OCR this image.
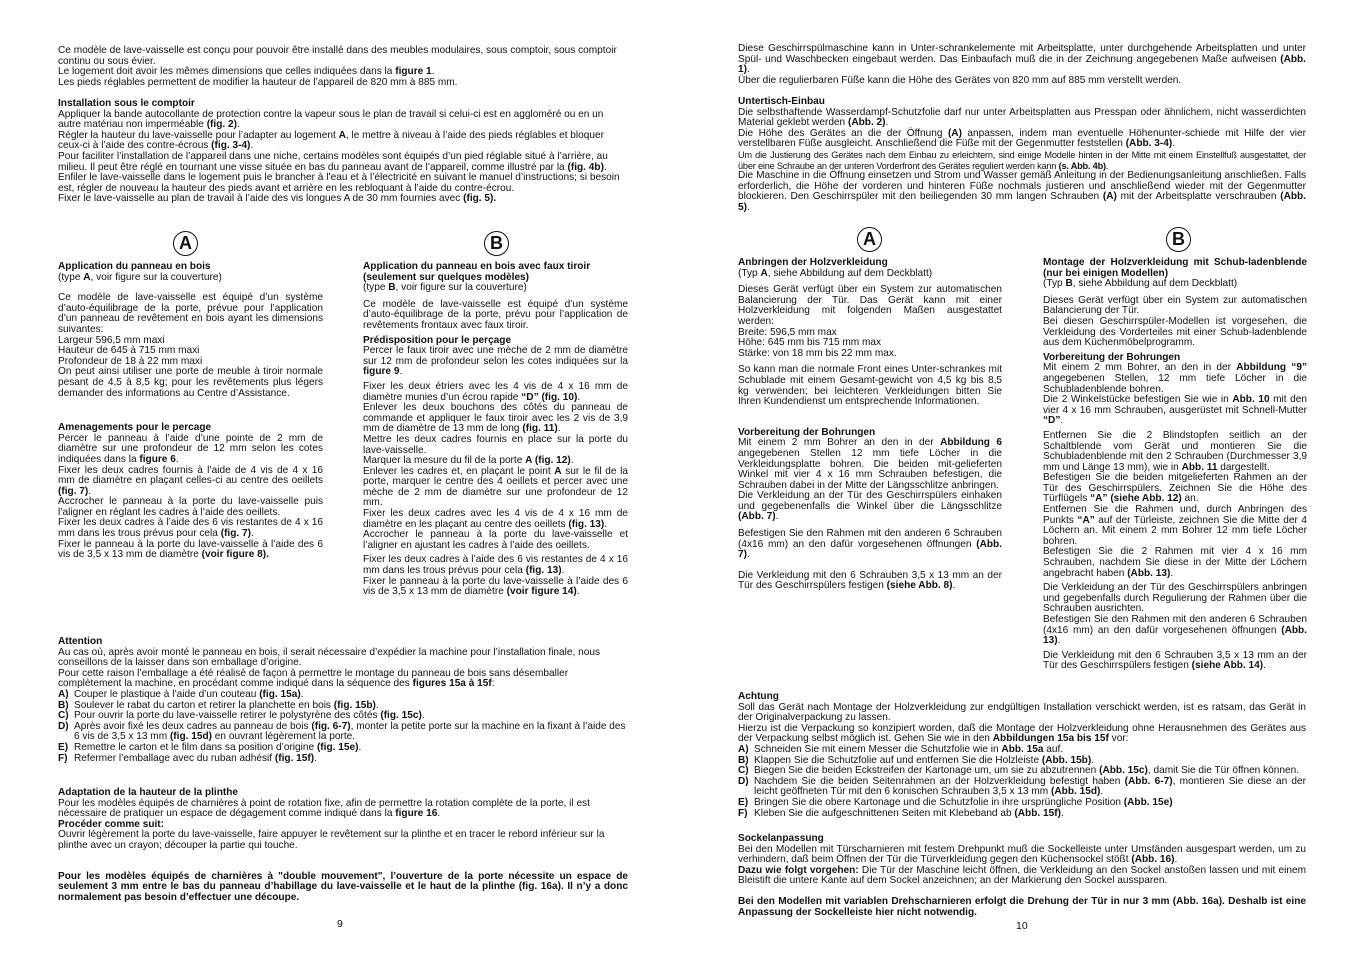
Ce modèle de lave-vaisselle est conçu pour pouvoir être installé dans des meubles modulaires, sous comptoir, sous comptoir continu ou sous évier.

Le logement doit avoir les mêmes dimensions que celles indiquées dans la figure 1.

Les pieds réglables permettent de modifier la hauteur de l’appareil de 820 mm à 885 mm.

Installation sous le comptoir

Appliquer la bande autocollante de protection contre la vapeur sous le plan de travail si celui-ci est en aggloméré ou en un autre matériau non imperméable (fig. 2).

Régler la hauteur du lave-vaisselle pour l’adapter au logement A, le mettre à niveau à l’aide des pieds réglables et bloquer ceux-ci à l’aide des contre-écrous (fig. 3-4).

Pour faciliter l’installation de l’appareil dans une niche, certains modèles sont équipés d’un pied réglable situé à l’arrière, au milieu. Il peut être réglé en tournant une visse située en bas du panneau avant de l’appareil, comme illustré par la (fig. 4b).

Enfiler le lave-vaisselle dans le logement puis le brancher à l’eau et à l’électricité en suivant le manuel d’instructions; si besoin est, régler de nouveau la hauteur des pieds avant et arrière en les rebloquant à l’aide du contre-écrou.

Fixer le lave-vaisselle au plan de travail à l’aide des vis longues A de 30 mm fournies avec (fig. 5).

A	B

Application du panneau en bois

(type A, voir figure sur la couverture)

Ce modèle de lave-vaisselle est équipé d’un système d’auto-équilibrage de la porte, prévue pour l’application d’un panneau de revêtement en bois ayant les dimensions suivantes:

Largeur 596,5 mm maxi

Hauteur de 645 à 715 mm maxi

Profondeur de 18 à 22 mm maxi

On peut ainsi utiliser une porte de meuble à tiroir normale pesant de 4,5 à 8,5 kg; pour les revêtements plus légers demander des informations au Centre d’Assistance.

Amenagements pour le percage

Percer le panneau à l’aide d’une pointe de 2 mm de diamètre sur une profondeur de 12 mm selon les cotes indiquées dans la figure 6.

Fixer les deux cadres fournis à l’aide de 4 vis de 4 x 16 mm de diamètre en plaçant celles-ci au centre des oeillets (fig. 7).

Accrocher le panneau à la porte du lave-vaisselle puis l’aligner en réglant les cadres à l’aide des oeillets.

Fixer les deux cadres à l’aide des 6 vis restantes de 4 x 16 mm dans les trous prévus pour cela (fig. 7).

Fixer le panneau à la porte du lave-vaisselle à l’aide des 6 vis de 3,5 x 13 mm de diamètre (voir figure 8).

Application du panneau en bois avec faux tiroir (seulement sur quelques modèles)

(type B, voir figure sur la couverture)

Ce modèle de lave-vaisselle est équipé d’un système d’auto-équilibrage de la porte, prévu pour l’application de revêtements frontaux avec faux tiroir.

Prédisposition pour le perçage

Percer le faux tiroir avec une mèche de 2 mm de diamètre sur 12 mm de profondeur selon les cotes indiquées sur la figure 9.

Fixer les deux étriers avec les 4 vis de 4 x 16 mm de diamètre munies d’un écrou rapide “D” (fig. 10).

Enlever les deux bouchons des côtés du panneau de commande et appliquer le faux tiroir avec les 2 vis de 3,9 mm de diamètre de 13 mm de long (fig. 11).

Mettre les deux cadres fournis en place sur la porte du lave-vaisselle.

Marquer la mesure du fil de la porte A (fig. 12).

Enlever les cadres et, en plaçant le point A sur le fil de la porte, marquer le centre des 4 oeillets et percer avec une mèche de 2 mm de diamètre sur une profondeur de 12 mm.

Fixer les deux cadres avec les 4 vis de 4 x 16 mm de diamètre en les plaçant au centre des oeillets (fig. 13).

Accrocher le panneau à la porte du lave-vaisselle et l’aligner en ajustant les cadres à l’aide des oeillets.

Fixer les deux cadres à l’aide des 6 vis restantes de 4 x 16 mm dans les trous prévus pour cela (fig. 13).

Fixer le panneau à la porte du lave-vaisselle à l’aide des 6 vis de 3,5 x 13 mm de diamètre (voir figure 14).

Attention

Au cas où, après avoir monté le panneau en bois, il serait nécessaire d’expédier la machine pour l’installation finale, nous conseillons de la laisser dans son emballage d’origine.

Pour cette raison l’emballage a été réalisé de façon à permettre le montage du panneau de bois sans désemballer complètement la machine, en procédant comme indiqué dans la séquence des figures 15a à 15f:

A) Couper le plastique à l’aide d’un couteau (fig. 15a).
B) Soulever le rabat du carton et retirer la planchette en bois (fig. 15b).
C) Pour ouvrir la porte du lave-vaisselle retirer le polystyrène des côtés (fig. 15c).
D) Après avoir fixé les deux cadres au panneau de bois (fig. 6-7), monter la petite porte sur la machine en la fixant à l’aide des 6 vis de 3,5 x 13 mm (fig. 15d) en ouvrant légèrement la porte.
E) Remettre le carton et le film dans sa position d’origine (fig. 15e).
F) Refermer l’emballage avec du ruban adhésif (fig. 15f).

Adaptation de la hauteur de la plinthe

Pour les modèles équipés de charnières à point de rotation fixe, afin de permettre la rotation complète de la porte, il est nécessaire de pratiquer un espace de dégagement comme indiqué dans la figure 16.

Procéder comme suit:

Ouvrir légèrement la porte du lave-vaisselle, faire appuyer le revêtement sur la plinthe et en tracer le rebord inférieur sur la plinthe avec un crayon; découper la partie qui touche.

Pour les modèles équipés de charnières à "double mouvement", l’ouverture de la porte nécessite un espace de seulement 3 mm entre le bas du panneau d’habillage du lave-vaisselle et le haut de la plinthe (fig. 16a). Il n’y a donc normalement pas besoin d’effectuer une découpe.

9

Diese Geschirrspülmaschine kann in Unter-schrankelemente mit Arbeitsplatte, unter durchgehende Arbeitsplatten und unter Spül- und Waschbecken eingebaut werden. Das Einbaufach muß die in der Zeichnung angegebenen Maße aufweisen (Abb. 1).

Über die regulierbaren Füße kann die Höhe des Gerätes von 820 mm auf 885 mm verstellt werden.

Untertisch-Einbau

Die selbsthaftende Wasserdampf-Schutzfolie darf nur unter Arbeitsplatten aus Presspan oder ähnlichem, nicht wasserdichten Material geklebt werden (Abb. 2).

Die Höhe des Gerätes an die der Öffnung (A) anpassen, indem man eventuelle Höhenunter-schiede mit Hilfe der vier verstellbaren Füße ausgleicht. Anschließend die Füße mit der Gegenmutter feststellen (Abb. 3-4).

Um die Justierung des Gerätes nach dem Einbau zu erleichtern, sind einige Modelle hinten in der Mitte mit einem Einstellfuß ausgestattet, der über eine Schraube an der unteren Vorderfront des Gerätes reguliert werden kann (s. Abb. 4b).

Die Maschine in die Öffnung einsetzen und Strom und Wasser gemäß Anleitung in der Bedienungsanleitung anschließen. Falls erforderlich, die Höhe der vorderen und hinteren Füße nochmals justieren und anschließend wieder mit der Gegenmutter blockieren. Den Geschirrspüler mit den beiliegenden 30 mm langen Schrauben (A) mit der Arbeitsplatte verschrauben (Abb. 5).

A	B

Anbringen der Holzverkleidung

(Typ A, siehe Abbildung auf dem Deckblatt)

Dieses Gerät verfügt über ein System zur automatischen Balancierung der Tür. Das Gerät kann mit einer Holzverkleidung mit folgenden Maßen ausgestattet werden:

Breite: 596,5 mm max

Höhe: 645 mm bis 715 mm max

Stärke: von 18 mm bis 22 mm max.

So kann man die normale Front eines Unter-schrankes mit Schublade mit einem Gesamt-gewicht von 4,5 kg bis 8,5 kg verwenden; bei leichteren Verkleidungen bitten Sie Ihren Kundendienst um entsprechende Informationen.

Vorbereitung der Bohrungen

Mit einem 2 mm Bohrer an den in der Abbildung 6 angegebenen Stellen 12 mm tiefe Löcher in die Verkleidungsplatte bohren. Die beiden mit-gelieferten Winkel mit vier 4 x 16 mm Schrauben befestigen, die Schrauben dabei in der Mitte der Längsschlitze anbringen.

Die Verkleidung an der Tür des Geschirrspülers einhaken und gegebenenfalls die Winkel über die Längsschlitze (Abb. 7).

Befestigen Sie den Rahmen mit den anderen 6 Schrauben (4x16 mm) an den dafür vorgesehenen öffnungen (Abb. 7).

Die Verkleidung mit den 6 Schrauben 3,5 x 13 mm an der Tür des Geschirrspülers festigen (siehe Abb. 8).

Montage der Holzverkleidung mit Schub-ladenblende (nur bei einigen Modellen)

(Typ B, siehe Abbildung auf dem Deckblatt)

Dieses Gerät verfügt über ein System zur automatischen Balancierung der Tür.

Bei diesen Geschirrspüler-Modellen ist vorgesehen, die Verkleidung des Vorderteiles mit einer Schub-ladenblende aus dem Küchenmöbelprogramm.

Vorbereitung der Bohrungen

Mit einem 2 mm Bohrer, an den in der Abbildung “9” angegebenen Stellen, 12 mm tiefe Löcher in die Schubladenblende bohren.

Die 2 Winkelstücke befestigen Sie wie in Abb. 10 mit den vier 4 x 16 mm Schrauben, ausgerüstet mit Schnell-Mutter “D”.

Entfernen Sie die 2 Blindstopfen seitlich an der Schaltblende vom Gerät und montieren Sie die Schubladenblende mit den 2 Schrauben (Durchmesser 3,9 mm und Länge 13 mm), wie in Abb. 11 dargestellt.

Befestigen Sie die beiden mitgelieferten Rahmen an der Tür des Geschirrspülers. Zeichnen Sie die Höhe des Türflügels “A” (siehe Abb. 12) an.

Entfernen Sie die Rahmen und, durch Anbringen des Punkts “A” auf der Türleiste, zeichnen Sie die Mitte der 4 Löchern an. Mit einem 2 mm Bohrer 12 mm tiefe Löcher bohren.

Befestigen Sie die 2 Rahmen mit vier 4 x 16 mm Schrauben, nachdem Sie diese in der Mitte der Löchern angebracht haben (Abb. 13).

Die Verkleidung an der Tür des Geschirrspülers anbringen und gegebenfalls durch Regulierung der Rahmen über die Schrauben ausrichten.

Befestigen Sie den Rahmen mit den anderen 6 Schrauben (4x16 mm) an den dafür vorgesehenen öffnungen (Abb. 13).

Die Verkleidung mit den 6 Schrauben 3,5 x 13 mm an der Tür des Geschirrspülers festigen (siehe Abb. 14).

Achtung

Soll das Gerät nach Montage der Holzverkleidung zur endgültigen Installation verschickt werden, ist es ratsam, das Gerät in der Originalverpackung zu lassen.

Hierzu ist die Verpackung so konzipiert worden, daß die Montage der Holzverkleidung ohne Herausnehmen des Gerätes aus der Verpackung selbst möglich ist. Gehen Sie wie in den Abbildungen 15a bis 15f vor:

A) Schneiden Sie mit einem Messer die Schutzfolie wie in Abb. 15a auf.
B) Klappen Sie die Schutzfolie auf und entfernen Sie die Holzleiste (Abb. 15b).
C) Biegen Sie die beiden Eckstreifen der Kartonage um, um sie zu abzutrennen (Abb. 15c), damit Sie die Tür öffnen können.
D) Nachdem Sie die beiden Seitenrahmen an der Holzverkleidung befestigt haben (Abb. 6-7), montieren Sie diese an der leicht geöffneten Tür mit den 6 konischen Schrauben 3,5 x 13 mm (Abb. 15d).
E) Bringen Sie die obere Kartonage und die Schutzfolie in ihre ursprüngliche Position (Abb. 15e)
F) Kleben Sie die aufgeschnittenen Seiten mit Klebeband ab (Abb. 15f).

Sockelanpassung

Bei den Modellen mit Türscharnieren mit festem Drehpunkt muß die Sockelleiste unter Umständen ausgespart werden, um zu verhindern, daß beim Öffnen der Tür die Türverkleidung gegen den Küchensockel stößt (Abb. 16).

Dazu wie folgt vorgehen: Die Tür der Maschine leicht öffnen, die Verkleidung an den Sockel anstoßen lassen und mit einem Bleistift die untere Kante auf dem Sockel anzeichnen; an der Markierung den Sockel aussparen.

Bei den Modellen mit variablen Drehscharnieren erfolgt die Drehung der Tür in nur 3 mm (Abb. 16a). Deshalb ist eine Anpassung der Sockelleiste hier nicht notwendig.

10
